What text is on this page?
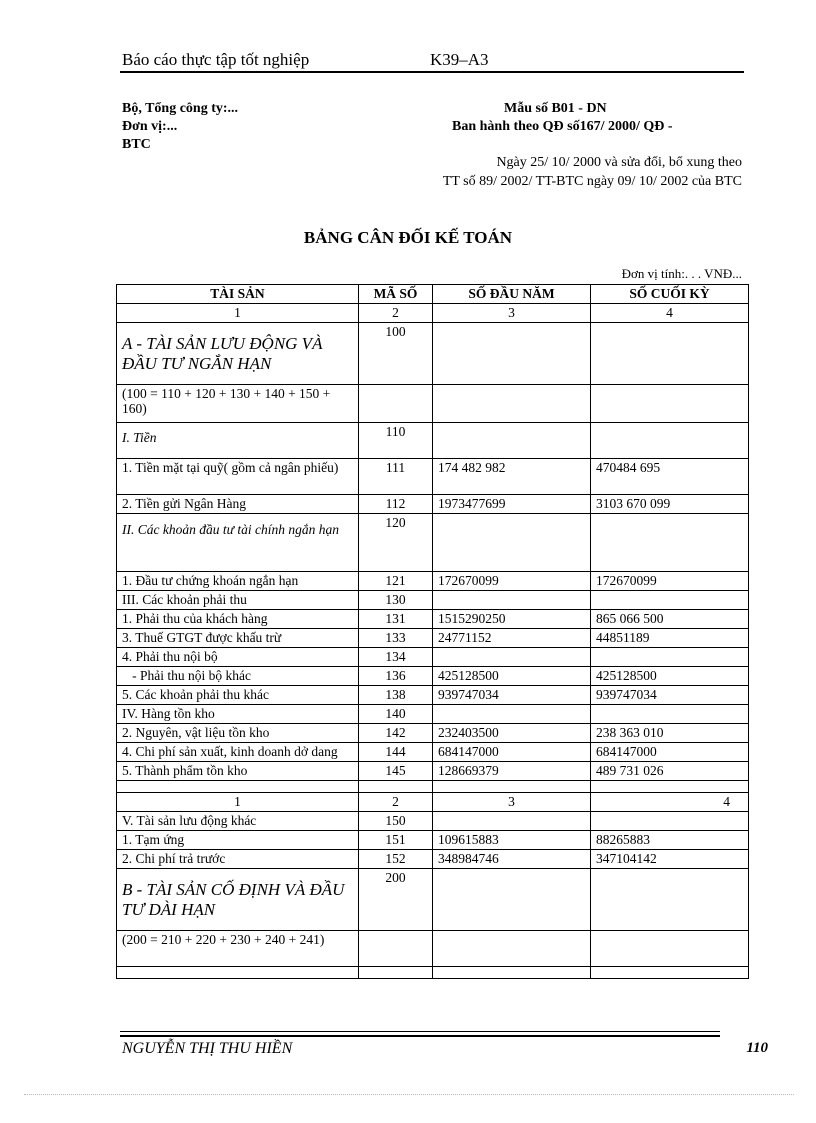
Báo cáo thực tập tốt nghiệp	K39–A3
Bộ, Tổng công ty:...
Đơn vị:...
BTC
Mẫu số B01 - DN
Ban hành theo QĐ số167/ 2000/ QĐ -
Ngày 25/ 10/ 2000 và sửa đổi, bổ xung theo
TT số 89/ 2002/ TT-BTC ngày 09/ 10/ 2002 của BTC
BẢNG CÂN ĐỐI KẾ TOÁN
Đơn vị tính:. . . VNĐ...
TÀI SẢN	MÃ SỐ	SỐ ĐẦU NĂM	SỐ CUỐI KỲ
1	2	3	4

A - TÀI SẢN LƯU ĐỘNG VÀ ĐẦU TƯ NGẮN HẠN	100		
(100 = 110 + 120 + 130 + 140 + 150 + 160)			

I. Tiền	110		
1. Tiền mặt tại quỹ( gồm cả ngân phiếu)	111	174 482 982	470484 695
2. Tiền gửi Ngân Hàng	112	1973477699	3103 670 099

II. Các khoản đầu tư tài chính ngắn hạn	120		
1. Đầu tư chứng khoán ngắn hạn	121	172670099	172670099
III. Các khoản phải thu	130		
1. Phải thu của khách hàng	131	1515290250	865 066 500
3. Thuế GTGT được khấu trừ	133	24771152	44851189
4. Phải thu nội bộ	134		
- Phải thu nội bộ khác	136	425128500	425128500
5. Các khoản phải thu khác	138	939747034	939747034
IV. Hàng tồn kho	140		
2. Nguyên, vật liệu tồn kho	142	232403500	238 363 010
4. Chi phí sản xuất, kinh doanh dở dang	144	684147000	684147000
5. Thành phẩm tồn kho	145	128669379	489 731 026

1	2	3	4
V. Tài sản lưu động khác	150		
1. Tạm ứng	151	109615883	88265883
2. Chi phí trả trước	152	348984746	347104142

B - TÀI SẢN CỐ ĐỊNH VÀ ĐẦU TƯ DÀI HẠN	200		
(200 = 210 + 220 + 230 + 240 + 241)			

NGUYỄN THỊ THU HIỀN	110
